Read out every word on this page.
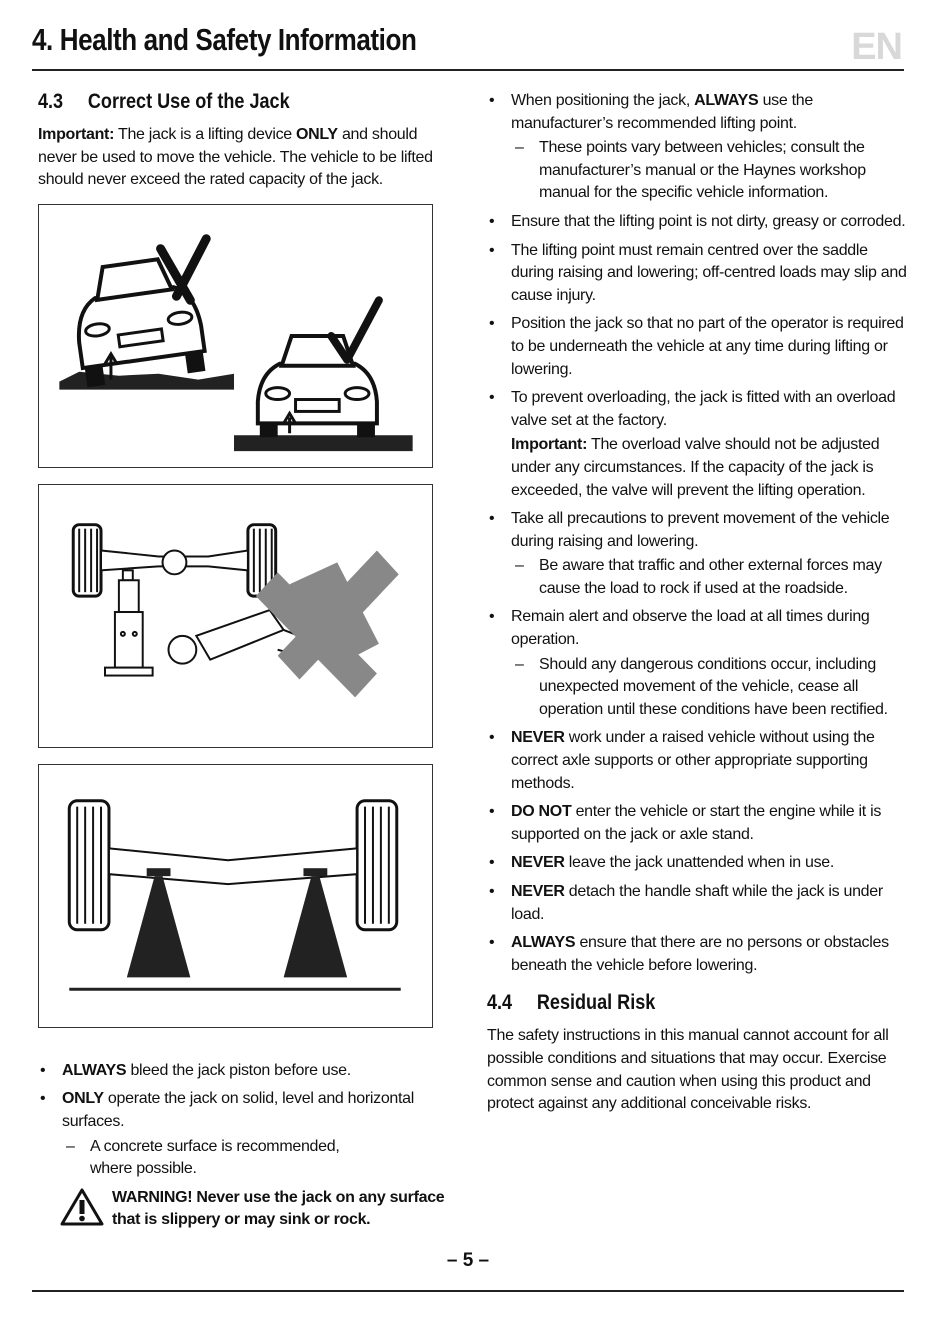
4. Health and Safety Information	EN
4.3 Correct Use of the Jack

Important: The jack is a lifting device ONLY and should never be used to move the vehicle. The vehicle to be lifted should never exceed the rated capacity of the jack.

• ALWAYS bleed the jack piston before use.
• ONLY operate the jack on solid, level and horizontal surfaces.
– A concrete surface is recommended, where possible.
WARNING! Never use the jack on any surface that is slippery or may sink or rock.
• When positioning the jack, ALWAYS use the manufacturer’s recommended lifting point.
– These points vary between vehicles; consult the manufacturer’s manual or the Haynes workshop manual for the specific vehicle information.
• Ensure that the lifting point is not dirty, greasy or corroded.
• The lifting point must remain centred over the saddle during raising and lowering; off-centred loads may slip and cause injury.
• Position the jack so that no part of the operator is required to be underneath the vehicle at any time during lifting or lowering.
• To prevent overloading, the jack is fitted with an overload valve set at the factory.
Important: The overload valve should not be adjusted under any circumstances. If the capacity of the jack is exceeded, the valve will prevent the lifting operation.
• Take all precautions to prevent movement of the vehicle during raising and lowering.
– Be aware that traffic and other external forces may cause the load to rock if used at the roadside.
• Remain alert and observe the load at all times during operation.
– Should any dangerous conditions occur, including unexpected movement of the vehicle, cease all operation until these conditions have been rectified.
• NEVER work under a raised vehicle without using the correct axle supports or other appropriate supporting methods.
• DO NOT enter the vehicle or start the engine while it is supported on the jack or axle stand.
• NEVER leave the jack unattended when in use.
• NEVER detach the handle shaft while the jack is under load.
• ALWAYS ensure that there are no persons or obstacles beneath the vehicle before lowering.
4.4 Residual Risk

The safety instructions in this manual cannot account for all possible conditions and situations that may occur. Exercise common sense and caution when using this product and protect against any additional conceivable risks.

– 5 –
